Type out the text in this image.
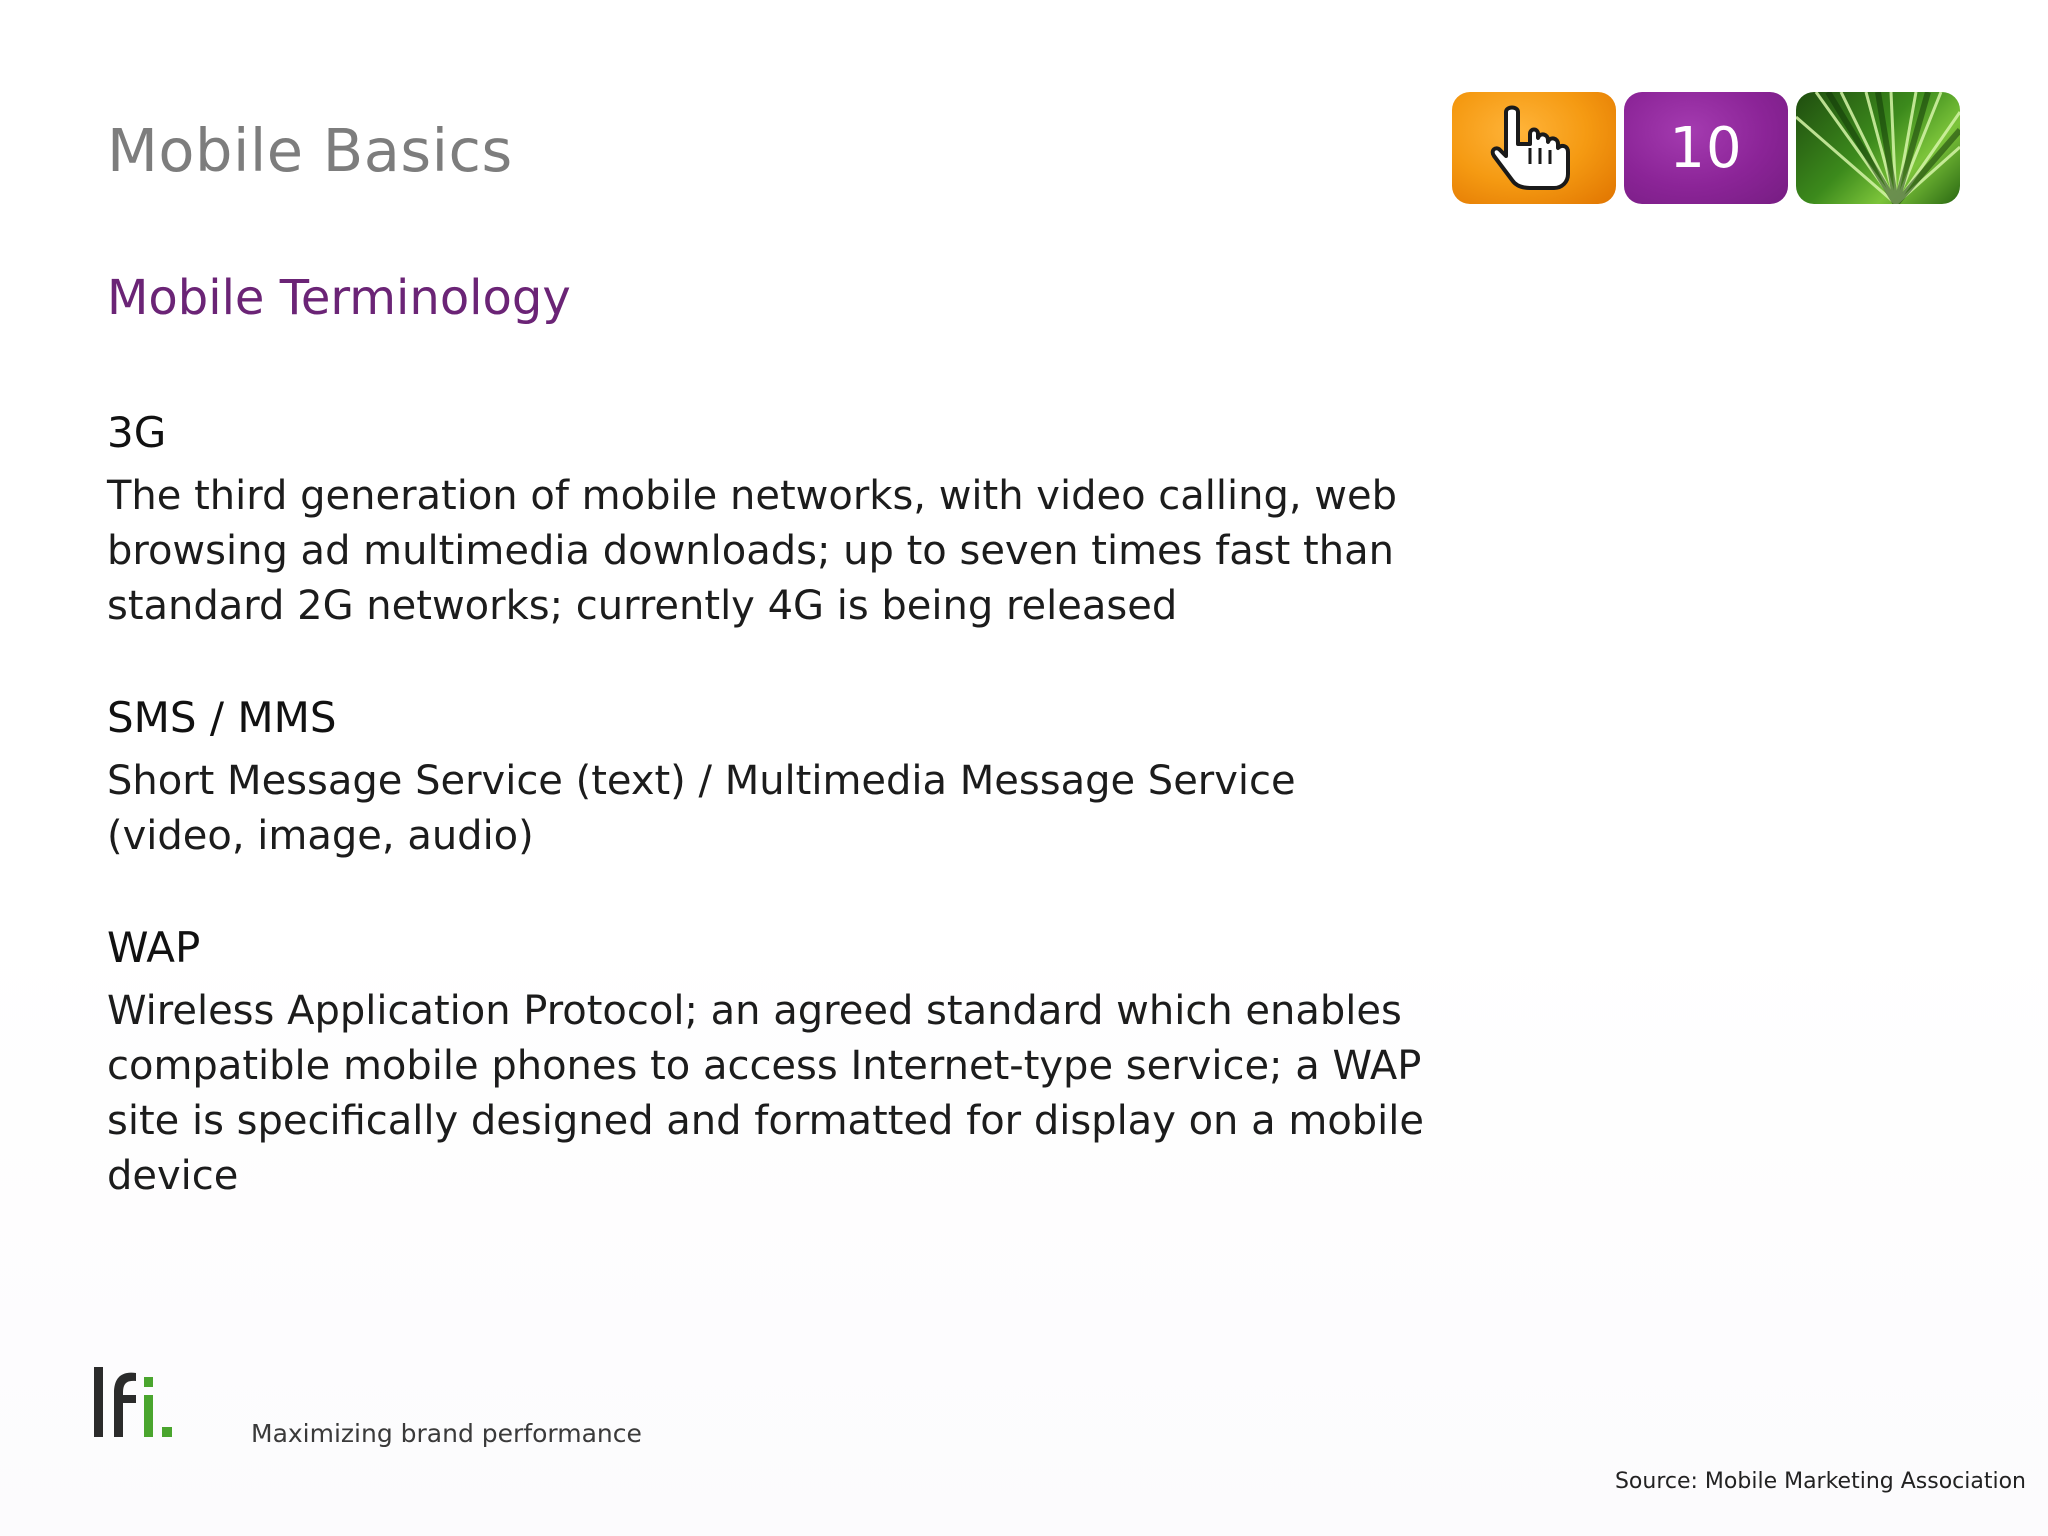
Mobile Basics	10
Mobile Terminology

3G

The third generation of mobile networks, with video calling, web browsing ad multimedia downloads; up to seven times fast than standard 2G networks; currently 4G is being released

SMS / MMS

Short Message Service (text) / Multimedia Message Service (video, image, audio)

WAP

Wireless Application Protocol; an agreed standard which enables compatible mobile phones to access Internet-type service; a WAP site is specifically designed and formatted for display on a mobile device

Maximizing brand performance
Source: Mobile Marketing Association
